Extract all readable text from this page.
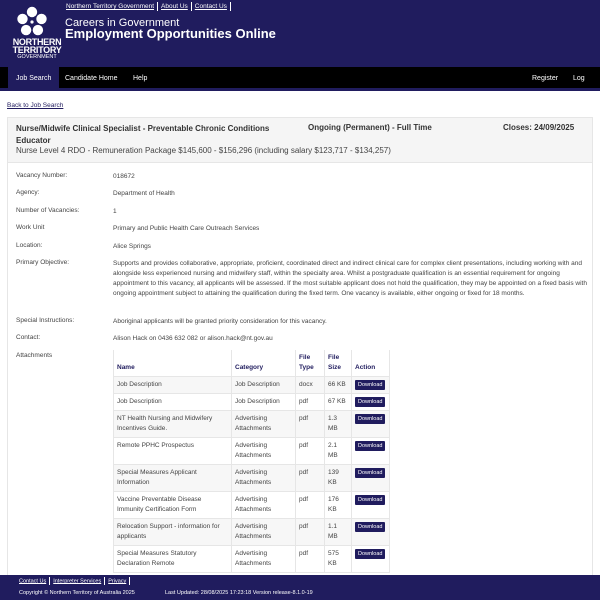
NORTHERN
TERRITORY
GOVERNMENT
Northern Territory Government About Us Contact Us
Careers in Government
Employment Opportunities Online
Job Search	Candidate Home	Help	Register	Log in
Back to Job Search
Nurse/Midwife Clinical Specialist - Preventable Chronic Conditions Educator
Ongoing (Permanent) - Full Time	Closes: 24/09/2025
Nurse Level 4 RDO - Remuneration Package $145,600 - $156,296 (including salary $123,717 - $134,257)
Vacancy Number:	018672
Agency:	Department of Health
Number of Vacancies:	1
Work Unit	Primary and Public Health Care Outreach Services
Location:	Alice Springs
Primary Objective:	Supports and provides collaborative, appropriate, proficient, coordinated direct and indirect clinical care for complex client presentations, including working with and alongside less experienced nursing and midwifery staff, within the specialty area. Whilst a postgraduate qualification is an essential requirement for ongoing appointment to this vacancy, all applicants will be assessed. If the most suitable applicant does not hold the qualification, they may be appointed on a fixed basis with ongoing appointment subject to attaining the qualification during the fixed term. One vacancy is available, either ongoing or fixed for 18 months.
Special Instructions:	Aboriginal applicants will be granted priority consideration for this vacancy.
Contact:	Alison Hack on 0436 632 082 or alison.hack@nt.gov.au
Attachments
Name	Category	File Type	File Size	Action
Job Description	Job Description	docx	66 KB	Download
Job Description	Job Description	pdf	67 KB	Download
NT Health Nursing and Midwifery Incentives Guide.	Advertising Attachments	pdf	1.3 MB	Download
Remote PPHC Prospectus	Advertising Attachments	pdf	2.1 MB	Download
Special Measures Applicant Information	Advertising Attachments	pdf	139 KB	Download
Vaccine Preventable Disease Immunity Certification Form	Advertising Attachments	pdf	176 KB	Download
Relocation Support - information for applicants	Advertising Attachments	pdf	1.1 MB	Download
Special Measures Statutory Declaration Remote	Advertising Attachments	pdf	575 KB	Download
Contact Us Interpreter Services Privacy
Copyright © Northern Territory of Australia 2025	Last Updated: 28/08/2025 17:23:18 Version release-8.1.0-19
